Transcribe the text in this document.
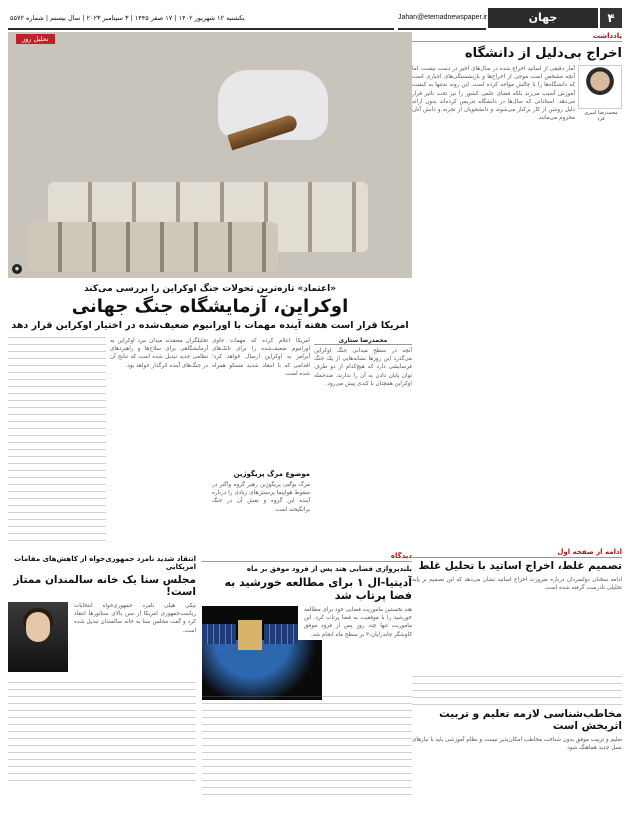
۴
جهان
Jahan@etemadnewspaper.ir
یکشنبه ۱۲ شهریور ۱۴۰۲ | ۱۷ صفر ۱۴۴۵ | ۳ سپتامبر ۲۰۲۳ | سال بیستم | شماره ۵۵۷۲
یادداشت
اخراج بی‌دلیل از دانشگاه
محمدرضا امیری‌ فرد
آمار دقیقی از اساتید اخراج شده در سال‌های اخیر در دست نیست، اما آنچه مشخص است موجی از اخراج‌ها و بازنشستگی‌های اجباری است که دانشگاه‌ها را با چالش مواجه کرده است. این روند نه‌تنها به کیفیت آموزش آسیب می‌زند بلکه فضای علمی کشور را نیز تحت تاثیر قرار می‌دهد. استادانی که سال‌ها در دانشگاه تدریس کرده‌اند بدون ارائه دلیل روشن از کار برکنار می‌شوند و دانشجویان از تجربه و دانش آنان محروم می‌مانند.
تحلیل روز
◉
«اعتماد» تازه‌ترین تحولات جنگ اوکراین را بررسی می‌کند
اوکراین، آزمایشگاه جنگ جهانی
امریکا قرار است هفته آینده مهمات با اورانیوم ضعیف‌شده در اختیار اوکراین قرار دهد
محمدرضا ستاری
آنچه در سطح میدانی جنگ اوکراین می‌گذرد این روزها نشانه‌هایی از یک جنگ فرسایشی دارد که هیچ‌کدام از دو طرف توان پایان دادن به آن را ندارند. ضدحمله اوکراین همچنان با کندی پیش می‌رود.
امریکا اعلام کرده که مهمات حاوی اورانیوم ضعیف‌شده را برای تانک‌های آبرامز به اوکراین ارسال خواهد کرد؛ اقدامی که با انتقاد شدید مسکو همراه شده است.
موضوع مرگ پریگوژین
مرگ یوگنی پریگوژین رهبر گروه واگنر در سقوط هواپیما پرسش‌های زیادی را درباره آینده این گروه و نقش آن در جنگ برانگیخته است.
تحلیلگران معتقدند میدان نبرد اوکراین به آزمایشگاهی برای سلاح‌ها و راهبردهای نظامی جدید تبدیل شده است که نتایج آن در جنگ‌های آینده اثرگذار خواهد بود.
ادامه از صفحه اول
تصمیم غلط، اخراج اساتید با تحلیل غلط
ادامه سخنان دولتمردان درباره ضرورت اخراج اساتید نشان می‌دهد که این تصمیم بر پایه تحلیلی نادرست گرفته شده است.
مخاطب‌شناسی لازمه تعلیم و تربیت اثربخش است
تعلیم و تربیت موفق بدون شناخت مخاطب امکان‌پذیر نیست و نظام آموزشی باید با نیازهای نسل جدید هماهنگ شود.
دیدگاه
بلندپروازی فضایی هند پس از فرود موفق بر ماه
آدیتیا-ال ۱ برای مطالعه خورشید به فضا پرتاب شد
هند نخستین ماموریت فضایی خود برای مطالعه خورشید را با موفقیت به فضا پرتاب کرد. این ماموریت تنها چند روز پس از فرود موفق کاوشگر چاندرایان-۳ بر سطح ماه انجام شد.
انتقاد شدید نامزد جمهوری‌خواه از کاهش‌های مقامات امریکایی
مجلس سنا یک خانه سالمندان ممتاز است!
نیکی هیلی نامزد جمهوری‌خواه انتخابات ریاست‌جمهوری امریکا از سن بالای سناتورها انتقاد کرد و گفت مجلس سنا به خانه سالمندان تبدیل شده است.
